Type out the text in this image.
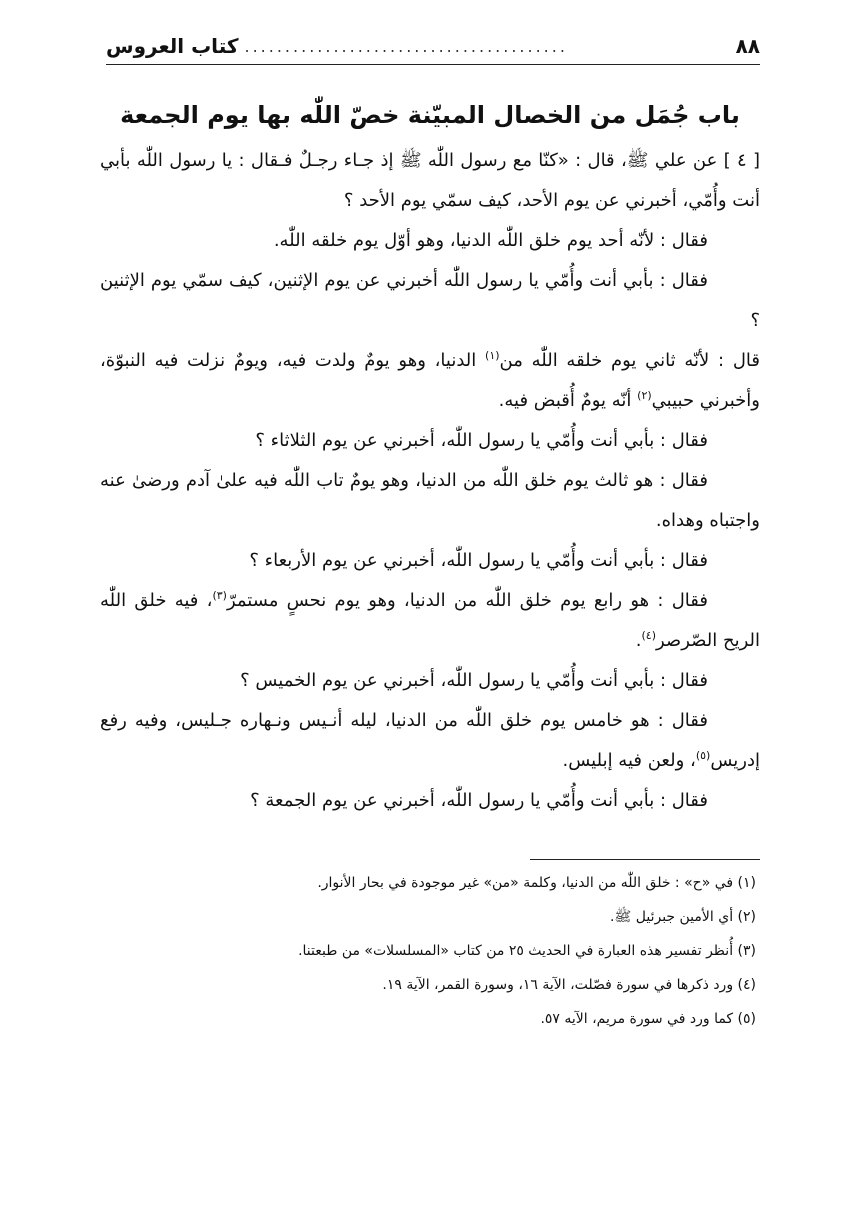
كتاب العروس ........................................	٨٨
باب جُمَل من الخصال المبيّنة خصّ اللّٰه بها يوم الجمعة

[ ٤ ] عن علي ﷺ، قال : «كنّا مع رسول اللّٰه ﷺ إذ جـاء رجـلٌ فـقال : يا رسول اللّٰه بأبي أنت وأُمّي، أخبرني عن يوم الأحد، كيف سمّي يوم الأحد ؟

فقال : لأنّه أحد يوم خلق اللّٰه الدنيا، وهو أوّل يوم خلقه اللّٰه.

فقال : بأبي أنت وأُمّي يا رسول اللّٰه أخبرني عن يوم الإثنين، كيف سمّي يوم الإثنين ؟

قال : لأنّه ثاني يوم خلقه اللّٰه من$^{(١)}$ الدنيا، وهو يومٌ ولدت فيه، ويومٌ نزلت فيه النبوّة، وأخبرني حبيبي$^{(٢)}$ أنّه يومٌ أُقبض فيه.

فقال : بأبي أنت وأُمّي يا رسول اللّٰه، أخبرني عن يوم الثلاثاء ؟

فقال : هو ثالث يوم خلق اللّٰه من الدنيا، وهو يومٌ تاب اللّٰه فيه علىٰ آدم ورضىٰ عنه واجتباه وهداه.

فقال : بأبي أنت وأُمّي يا رسول اللّٰه، أخبرني عن يوم الأربعاء ؟

فقال : هو رابع يوم خلق اللّٰه من الدنيا، وهو يوم نحسٍ مستمرّ$^{(٣)}$، فيه خلق اللّٰه الريح الصّرصر$^{(٤)}$.

فقال : بأبي أنت وأُمّي يا رسول اللّٰه، أخبرني عن يوم الخميس ؟

فقال : هو خامس يوم خلق اللّٰه من الدنيا، ليله أنـيس ونـهاره جـليس، وفيه رفع إدريس$^{(٥)}$، ولعن فيه إبليس.

فقال : بأبي أنت وأُمّي يا رسول اللّٰه، أخبرني عن يوم الجمعة ؟

(١) في «ح» : خلق اللّٰه من الدنيا، وكلمة «من» غير موجودة في بحار الأنوار.
(٢) أي الأمين جبرئيل ﷺ.
(٣) أُنظر تفسير هذه العبارة في الحديث ٢٥ من كتاب «المسلسلات» من طبعتنا.
(٤) ورد ذكرها في سورة فصّلت، الآية ١٦، وسورة القمر، الآية ١٩.
(٥) كما ورد في سورة مريم، الآيه ٥٧.
